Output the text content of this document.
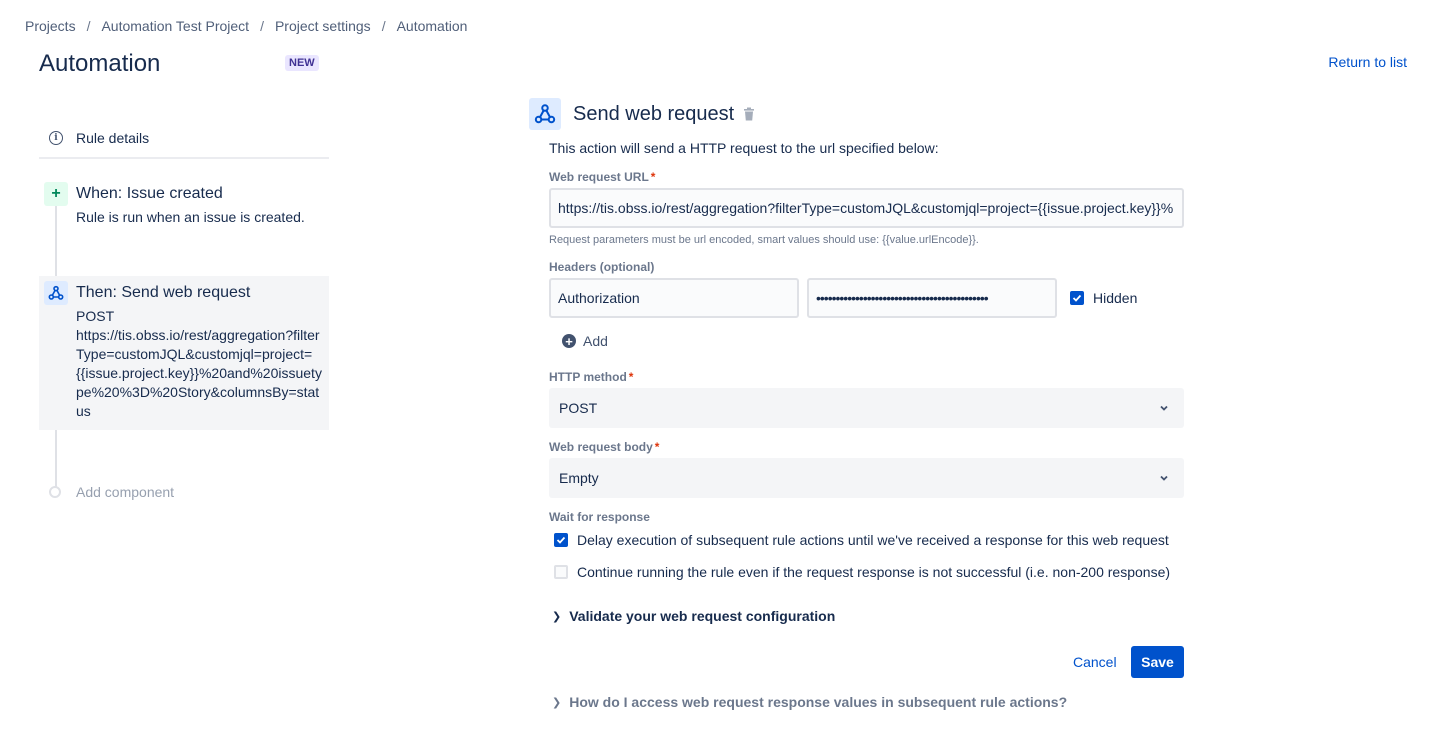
Projects / Automation Test Project / Project settings / Automation
Automation	NEW	Return to list
i	Rule details
+ When: Issue created
Rule is run when an issue is created.
Then: Send web request
POST
https://tis.obss.io/rest/aggregation?filterType=customJQL&customjql=project=
{{issue.project.key}}%20and%20issuetype%20%3D%20Story&columnsBy=status
Add component
Send web request

This action will send a HTTP request to the url specified below:

Web request URL *
https://tis.obss.io/rest/aggregation?filterType=customJQL&customjql=project={{issue.project.key}}%

Request parameters must be url encoded, smart values should use: {{value.urlEncode}}.

Headers (optional)
Authorization	••••••••••••••••••••••••••••••••••••••••••••	Hidden
+ Add
HTTP method *
POST
Web request body *
Empty
Wait for response
Delay execution of subsequent rule actions until we've received a response for this web request
Continue running the rule even if the request response is not successful (i.e. non-200 response)
❯ Validate your web request configuration
Cancel	Save
❯ How do I access web request response values in subsequent rule actions?
